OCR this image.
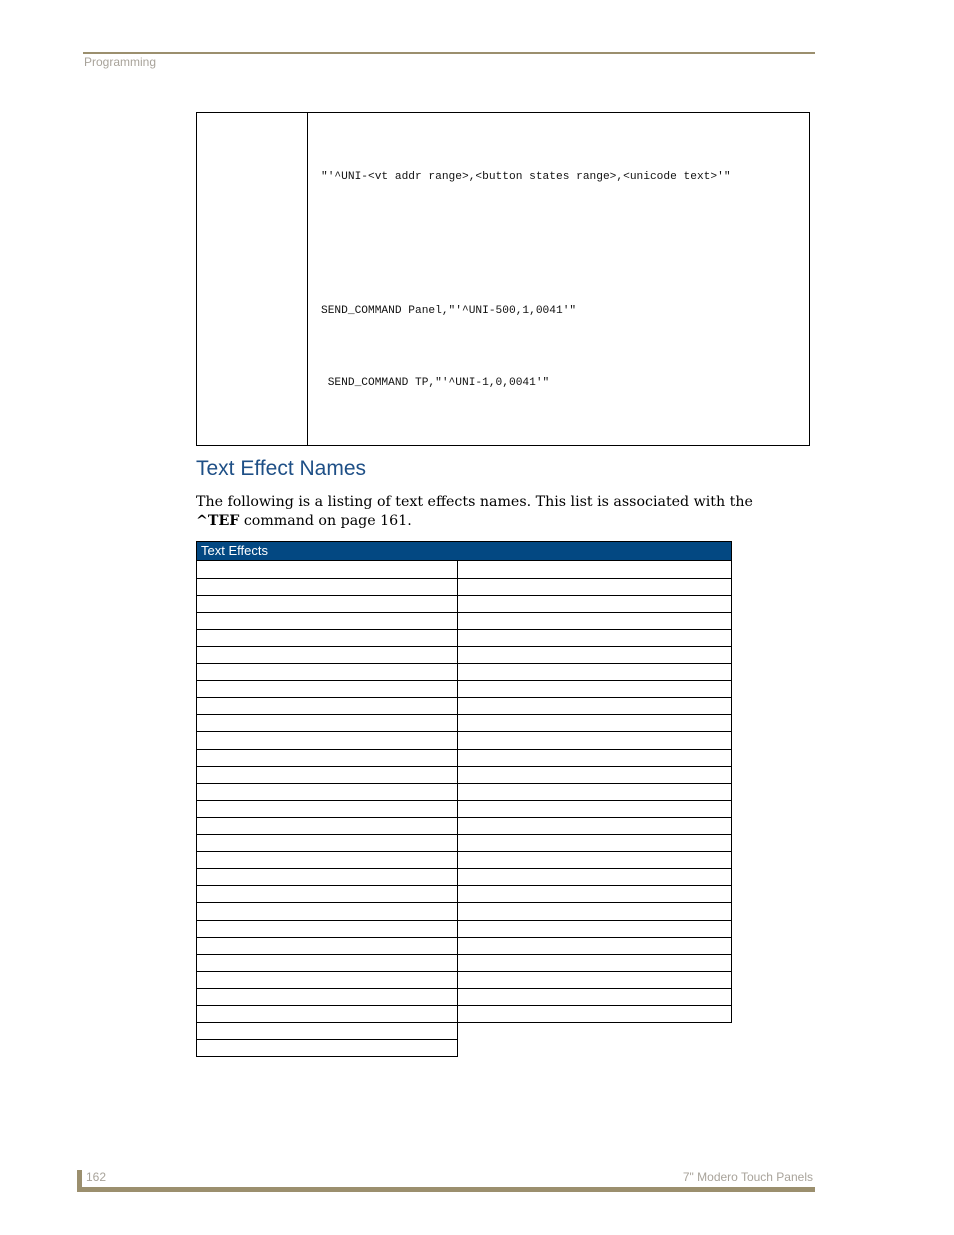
Programming
"'^UNI-<vt addr range>,<button states range>,<unicode text>'"
SEND_COMMAND Panel,"'^UNI-500,1,0041'"
SEND_COMMAND TP,"'^UNI-1,0,0041'"
Text Effect Names
The following is a listing of text effects names. This list is associated with the ^TEF command on page 161.
Text Effects
162	7" Modero Touch Panels
